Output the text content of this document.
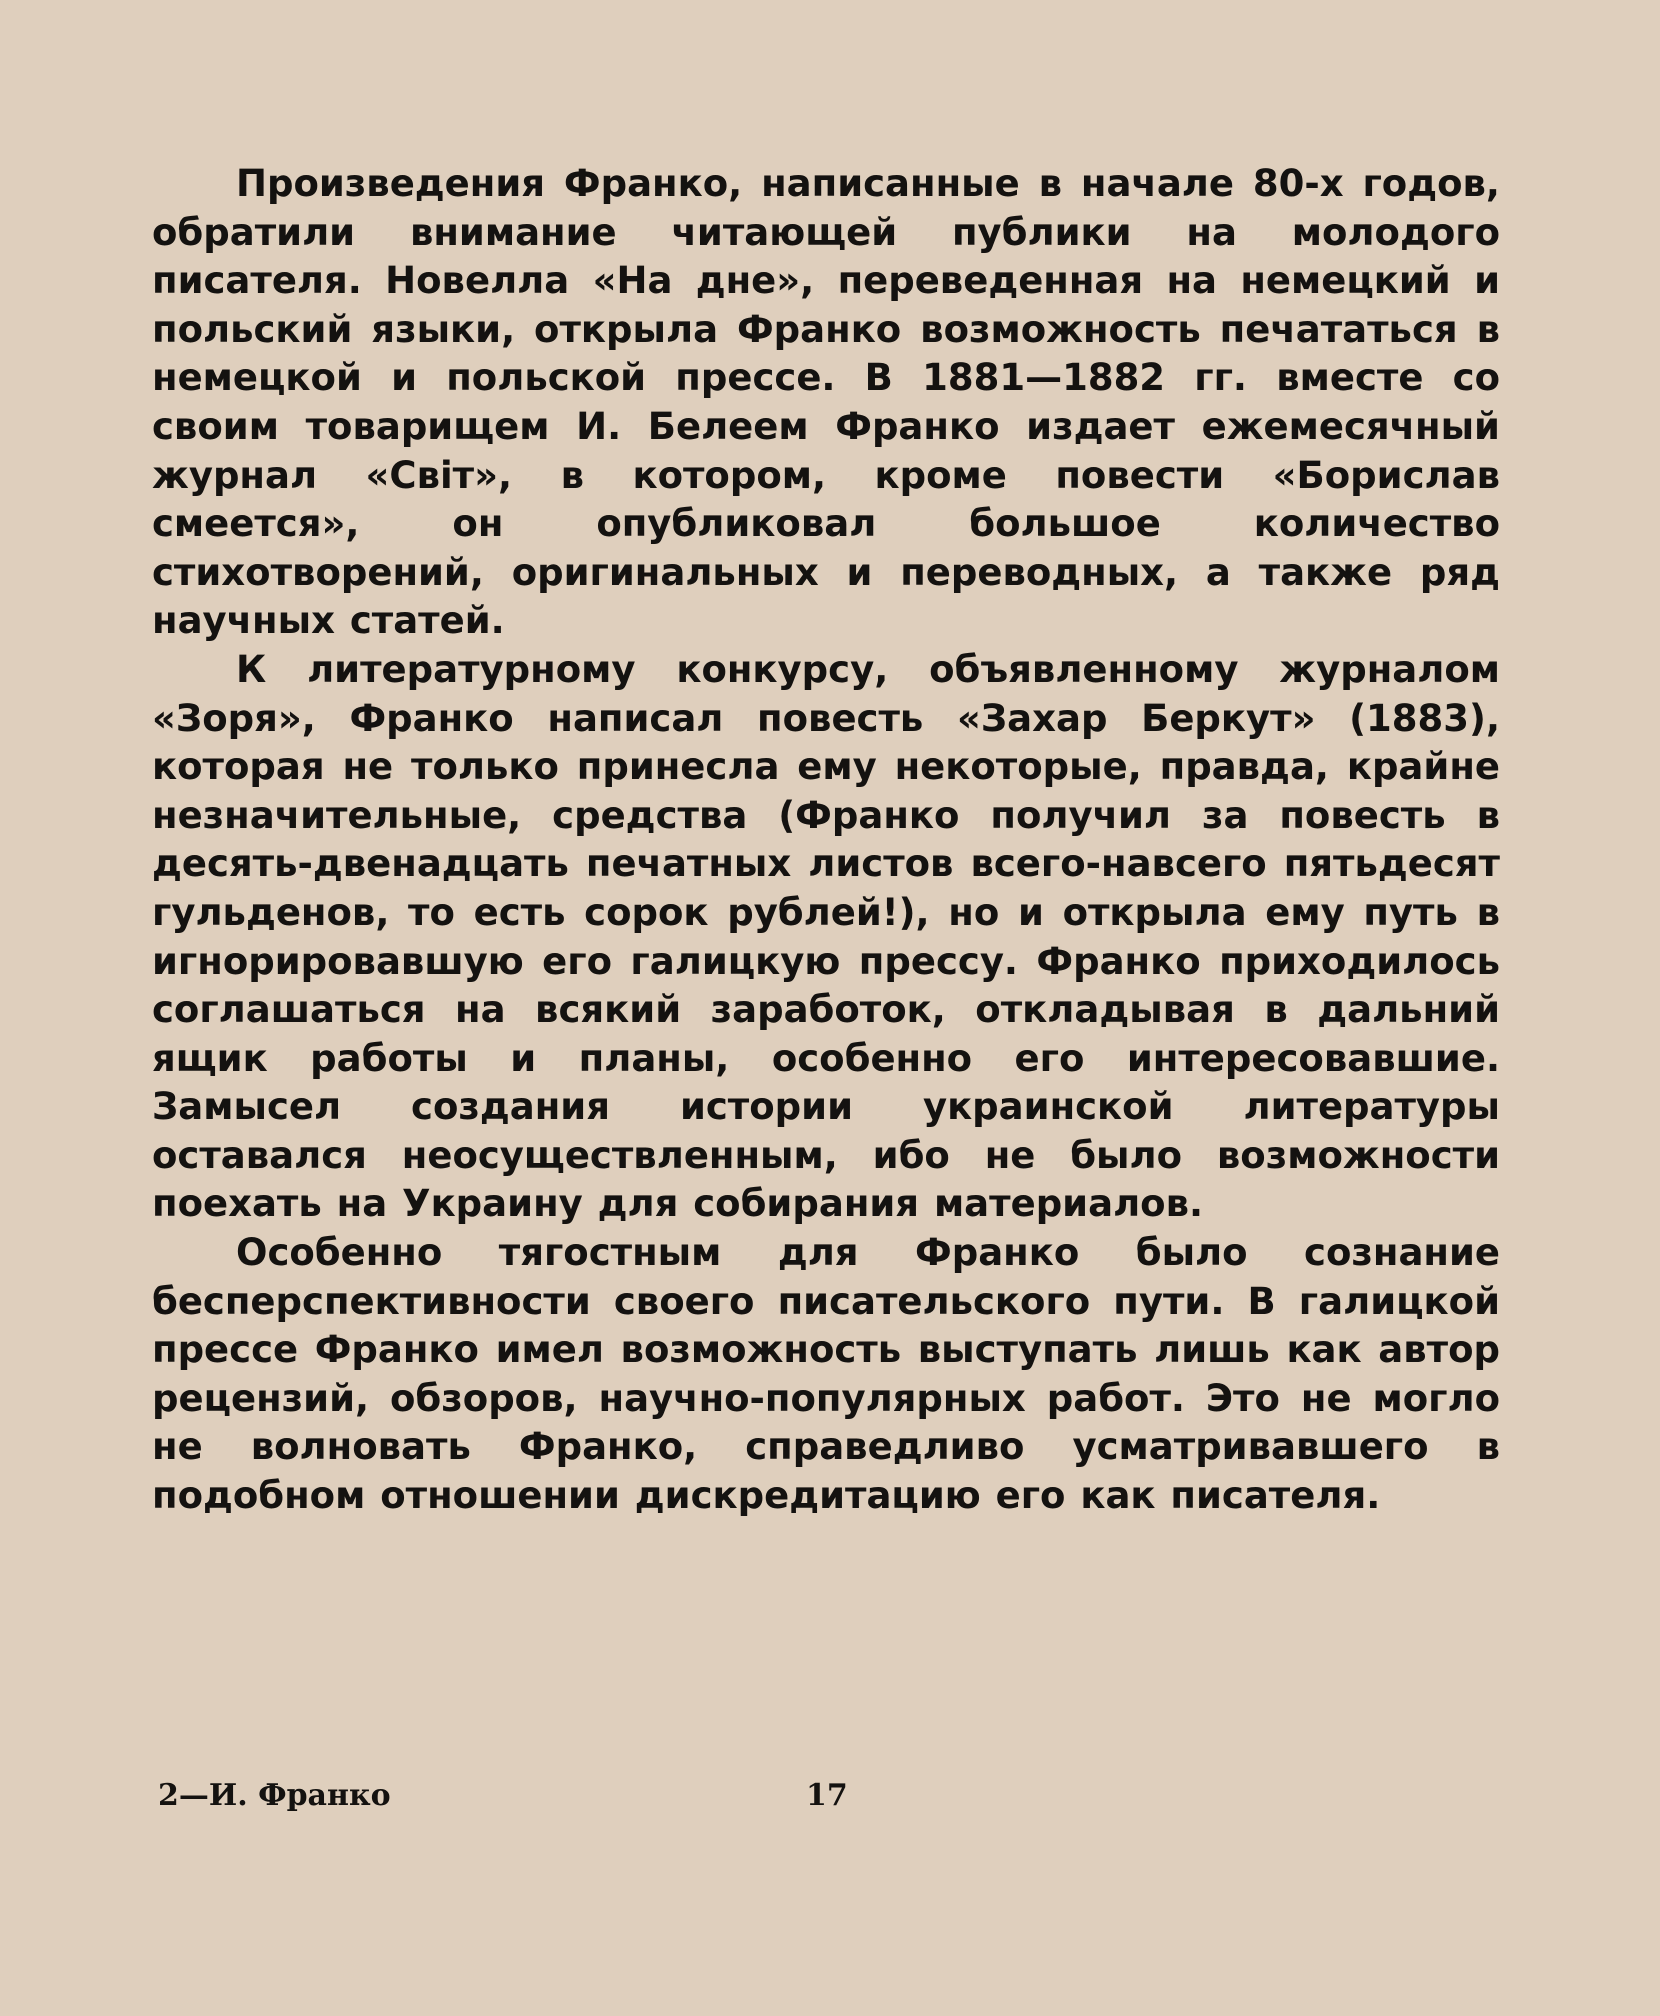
Произведения Франко, написанные в начале 80-х годов, обратили внимание читающей публики на молодого писателя. Новелла «На дне», переведенная на немецкий и польский языки, открыла Франко возможность печататься в немецкой и польской прессе. В 1881—1882 гг. вместе со своим товарищем И. Белеем Франко издает ежемесячный журнал «Свiт», в котором, кроме повести «Борислав смеется», он опубликовал большое количество стихотворений, оригинальных и переводных, а также ряд научных статей.

К литературному конкурсу, объявленному журналом «Зоря», Франко написал повесть «Захар Беркут» (1883), которая не только принесла ему некоторые, правда, крайне незначительные, средства (Франко получил за повесть в десять-двенадцать печатных листов всего-навсего пятьдесят гульденов, то есть сорок рублей!), но и открыла ему путь в игнорировавшую его галицкую прессу. Франко приходилось соглашаться на всякий заработок, откладывая в дальний ящик работы и планы, особенно его интересовавшие. Замысел создания истории украинской литературы оставался неосуществленным, ибо не было возможности поехать на Украину для собирания материалов.

Особенно тягостным для Франко было сознание бесперспективности своего писательского пути. В галицкой прессе Франко имел возможность выступать лишь как автор рецензий, обзоров, научно-популярных работ. Это не могло не волновать Франко, справедливо усматривавшего в подобном отношении дискредитацию его как писателя.

2—И. Франко	17
